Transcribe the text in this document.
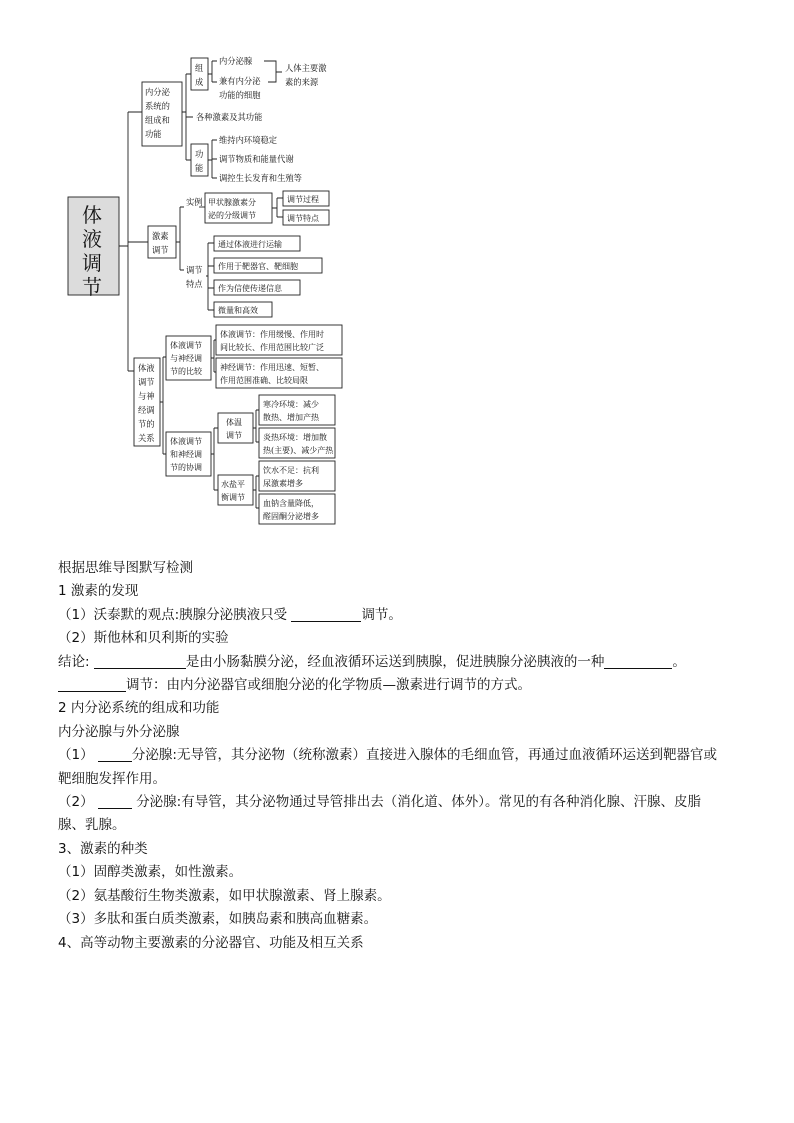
体
液
调
节
内分泌
系统的
组成和
功能
组
成
内分泌腺
兼有内分泌
功能的细胞
人体主要激
素的来源
各种激素及其功能
功
能
维持内环境稳定
调节物质和能量代谢
调控生长发育和生殖等
激素
调节
实例 甲状腺激素分
泌的分级调节
调节过程
调节特点
调节
特点
通过体液进行运输
作用于靶器官、靶细胞
作为信使传递信息
微量和高效
体液
调节
与神
经调
节的
关系
体液调节
与神经调
节的比较
体液调节：作用缓慢、作用时
间比较长、作用范围比较广泛
神经调节：作用迅速、短暂、
作用范围准确、比较局限
体液调节
和神经调
节的协调
体温
调节
寒冷环境：减少
散热、增加产热
炎热环境：增加散
热(主要)、减少产热
水盐平
衡调节
饮水不足：抗利
尿激素增多
血钠含量降低，
醛固酮分泌增多

根据思维导图默写检测

1 激素的发现

（1）沃泰默的观点:胰腺分泌胰液只受	调节。

（2）斯他林和贝利斯的实验

结论:	是由小肠黏膜分泌，经血液循环运送到胰腺，促进胰腺分泌胰液的一种	。

调节：由内分泌器官或细胞分泌的化学物质—激素进行调节的方式。

2 内分泌系统的组成和功能

内分泌腺与外分泌腺

（1）	分泌腺:无导管，其分泌物（统称激素）直接进入腺体的毛细血管，再通过血液循环运送到靶器官或

靶细胞发挥作用。

（2）	分泌腺:有导管，其分泌物通过导管排出去（消化道、体外）。常见的有各种消化腺、汗腺、皮脂

腺、乳腺。

3、激素的种类

（1）固醇类激素，如性激素。

（2）氨基酸衍生物类激素，如甲状腺激素、肾上腺素。

（3）多肽和蛋白质类激素，如胰岛素和胰高血糖素。

4、高等动物主要激素的分泌器官、功能及相互关系
